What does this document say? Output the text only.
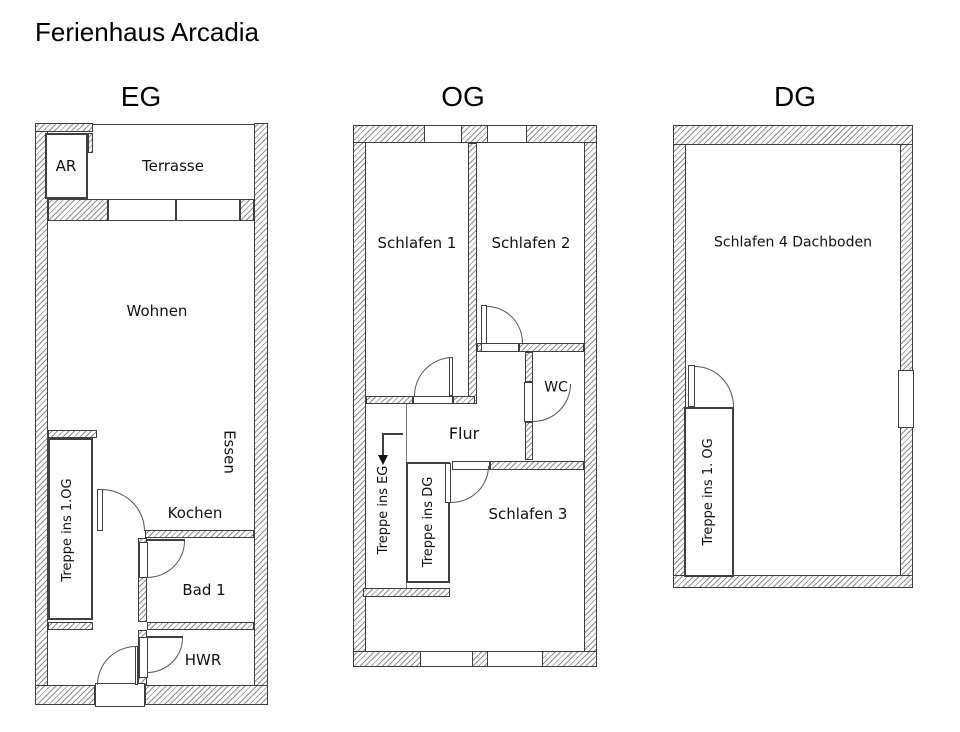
Ferienhaus Arcadia
EG	OG	DG
AR	Terrasse
Wohnen
Essen
Kochen
Treppe ins 1.OG
Bad 1
HWR
Schlafen 1 Schlafen 2
WC
Flur
Treppe ins EG Treppe ins DG	Schlafen 3
Schlafen 4 Dachboden
Treppe ins 1. OG
